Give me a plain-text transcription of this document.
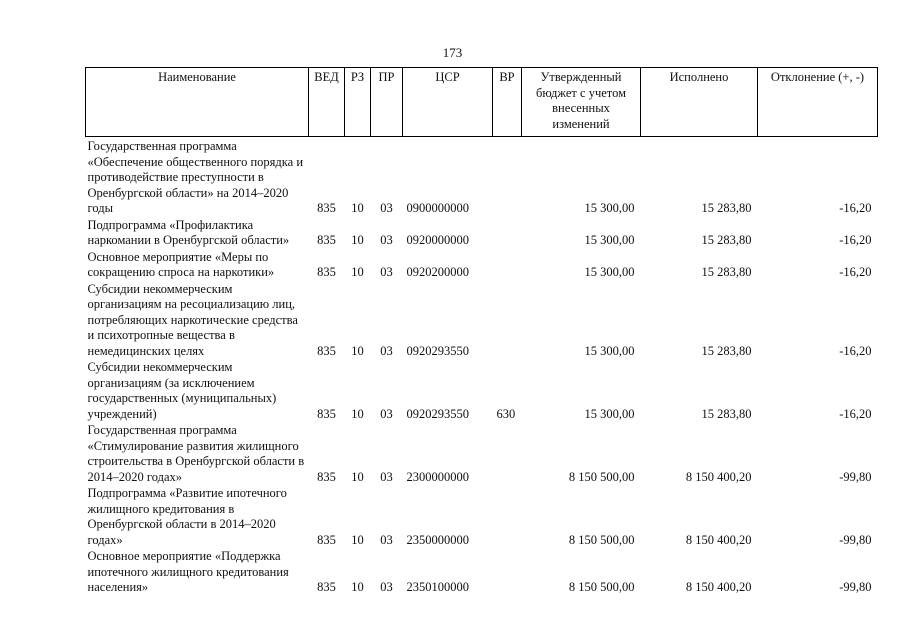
173
Наименование	ВЕД	РЗ	ПР	ЦСР	ВР	Утвержденный бюджет с учетом внесенных изменений	Исполнено	Отклонение (+, -)

Государственная программа «Обеспечение общественного порядка и противодействие преступности в Оренбургской области» на 2014–2020 годы	835	10	03	0900000000		15 300,00	15 283,80	-16,20
Подпрограмма «Профилактика наркомании в Оренбургской области»	835	10	03	0920000000		15 300,00	15 283,80	-16,20
Основное мероприятие «Меры по сокращению спроса на наркотики»	835	10	03	0920200000		15 300,00	15 283,80	-16,20
Субсидии некоммерческим организациям на ресоциализацию лиц, потребляющих наркотические средства и психотропные вещества в немедицинских целях	835	10	03	0920293550		15 300,00	15 283,80	-16,20
Субсидии некоммерческим организациям (за исключением государственных (муниципальных) учреждений)	835	10	03	0920293550	630	15 300,00	15 283,80	-16,20
Государственная программа «Стимулирование развития жилищного строительства в Оренбургской области в 2014–2020 годах»	835	10	03	2300000000		8 150 500,00	8 150 400,20	-99,80
Подпрограмма «Развитие ипотечного жилищного кредитования в Оренбургской области в 2014–2020 годах»	835	10	03	2350000000		8 150 500,00	8 150 400,20	-99,80
Основное мероприятие «Поддержка ипотечного жилищного кредитования населения»	835	10	03	2350100000		8 150 500,00	8 150 400,20	-99,80
